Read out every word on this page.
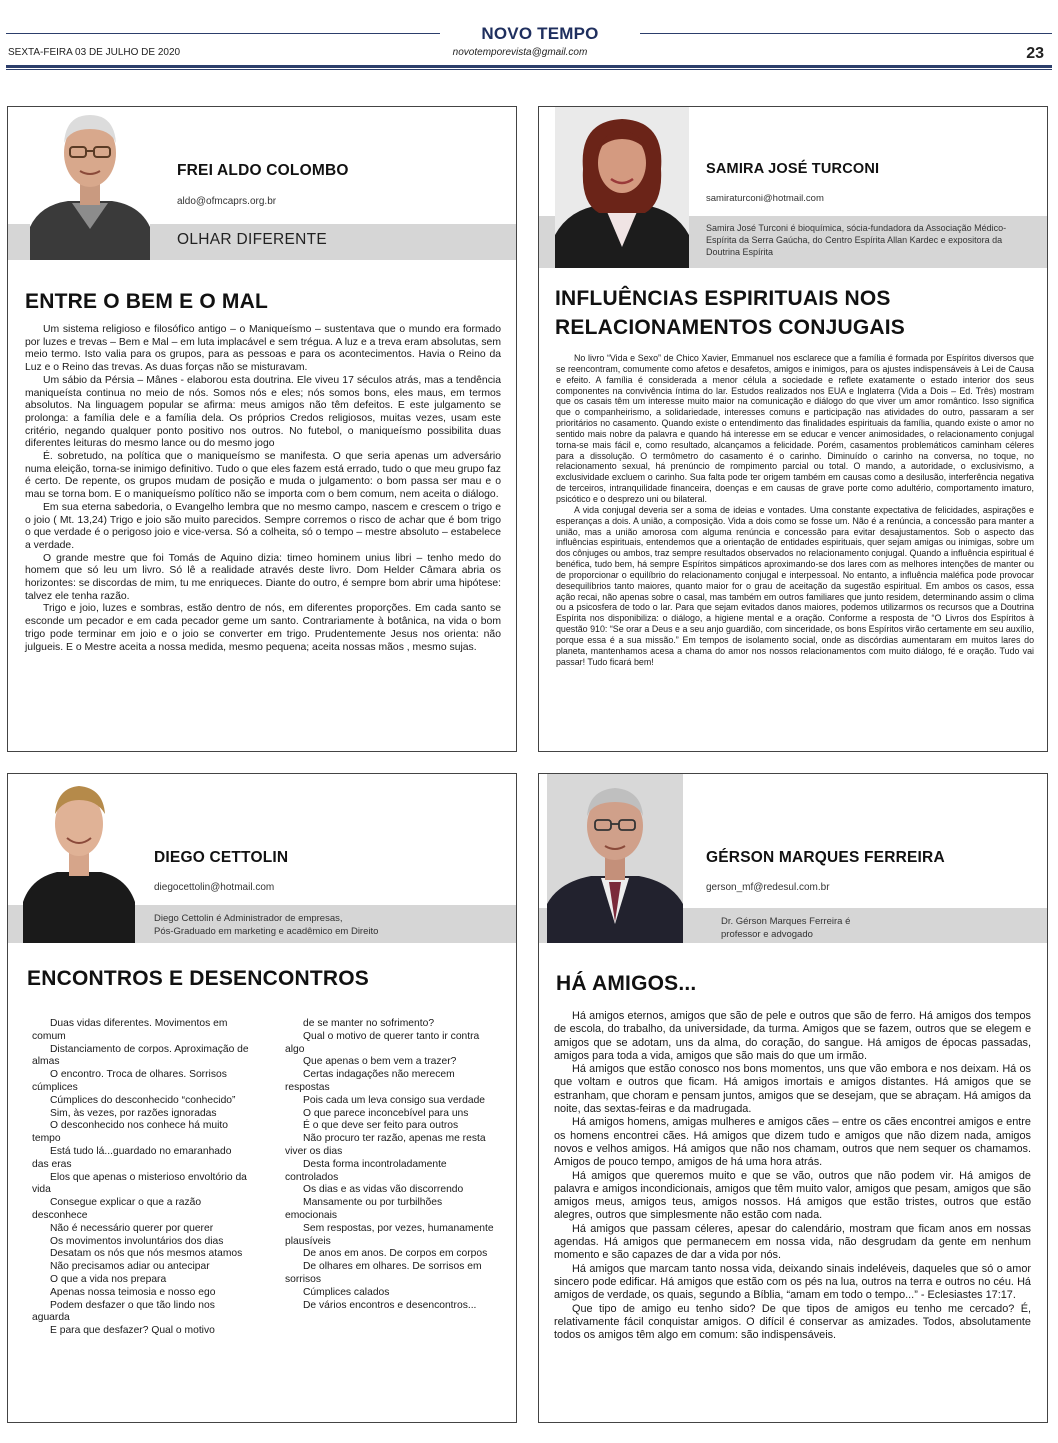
NOVO TEMPO
SEXTA-FEIRA 03 DE JULHO DE 2020	novotemporevista@gmail.com	23
FREI ALDO COLOMBO
aldo@ofmcaprs.org.br
OLHAR DIFERENTE
ENTRE O BEM E O MAL

Um sistema religioso e filosófico antigo – o Maniqueísmo – sustentava que o mundo era formado por luzes e trevas – Bem e Mal – em luta implacável e sem trégua. A luz e a treva eram absolutas, sem meio termo. Isto valia para os grupos, para as pessoas e para os acontecimentos. Havia o Reino da Luz e o Reino das trevas. As duas forças não se misturavam.

Um sábio da Pérsia – Mânes - elaborou esta doutrina. Ele viveu 17 séculos atrás, mas a tendência maniqueísta continua no meio de nós. Somos nós e eles; nós somos bons, eles maus, em termos absolutos. Na linguagem popular se afirma: meus amigos não têm defeitos. E este julgamento se prolonga: a família dele e a família dela. Os próprios Credos religiosos, muitas vezes, usam este critério, negando qualquer ponto positivo nos outros. No futebol, o maniqueísmo possibilita duas diferentes leituras do mesmo lance ou do mesmo jogo

É. sobretudo, na política que o maniqueísmo se manifesta. O que seria apenas um adversário numa eleição, torna-se inimigo definitivo. Tudo o que eles fazem está errado, tudo o que meu grupo faz é certo. De repente, os grupos mudam de posição e muda o julgamento: o bom passa ser mau e o mau se torna bom. E o maniqueísmo político não se importa com o bem comum, nem aceita o diálogo.

Em sua eterna sabedoria, o Evangelho lembra que no mesmo campo, nascem e crescem o trigo e o joio ( Mt. 13,24) Trigo e joio são muito parecidos. Sempre corremos o risco de achar que é bom trigo o que verdade é o perigoso joio e vice-versa. Só a colheita, só o tempo – mestre absoluto – estabelece a verdade.

O grande mestre que foi Tomás de Aquino dizia: timeo hominem unius libri – tenho medo do homem que só leu um livro. Só lê a realidade através deste livro. Dom Helder Câmara abria os horizontes: se discordas de mim, tu me enriqueces. Diante do outro, é sempre bom abrir uma hipótese: talvez ele tenha razão.

Trigo e joio, luzes e sombras, estão dentro de nós, em diferentes proporções. Em cada santo se esconde um pecador e em cada pecador geme um santo. Contrariamente à botânica, na vida o bom trigo pode terminar em joio e o joio se converter em trigo. Prudentemente Jesus nos orienta: não julgueis. E o Mestre aceita a nossa medida, mesmo pequena; aceita nossas mãos , mesmo sujas.

SAMIRA JOSÉ TURCONI
samiraturconi@hotmail.com
Samira José Turconi é bioquímica, sócia-fundadora da Associação Médico-Espírita da Serra Gaúcha, do Centro Espírita Allan Kardec e expositora da Doutrina Espírita
INFLUÊNCIAS ESPIRITUAIS NOS
RELACIONAMENTOS CONJUGAIS

No livro “Vida e Sexo” de Chico Xavier, Emmanuel nos esclarece que a família é formada por Espíritos diversos que se reencontram, comumente como afetos e desafetos, amigos e inimigos, para os ajustes indispensáveis à Lei de Causa e efeito. A família é considerada a menor célula a sociedade e reflete exatamente o estado interior dos seus componentes na convivência íntima do lar. Estudos realizados nos EUA e Inglaterra (Vida a Dois – Ed. Três) mostram que os casais têm um interesse muito maior na comunicação e diálogo do que viver um amor romântico. Isso significa que o companheirismo, a solidariedade, interesses comuns e participação nas atividades do outro, passaram a ser prioritários no casamento. Quando existe o entendimento das finalidades espirituais da família, quando existe o amor no sentido mais nobre da palavra e quando há interesse em se educar e vencer animosidades, o relacionamento conjugal torna-se mais fácil e, como resultado, alcançamos a felicidade. Porém, casamentos problemáticos caminham céleres para a dissolução. O termômetro do casamento é o carinho. Diminuído o carinho na conversa, no toque, no relacionamento sexual, há prenúncio de rompimento parcial ou total. O mando, a autoridade, o exclusivismo, a exclusividade excluem o carinho. Sua falta pode ter origem também em causas como a desilusão, interferência negativa de terceiros, intranquilidade financeira, doenças e em causas de grave porte como adultério, comportamento imaturo, psicótico e o desprezo uni ou bilateral.

A vida conjugal deveria ser a soma de ideias e vontades. Uma constante expectativa de felicidades, aspirações e esperanças a dois. A união, a composição. Vida a dois como se fosse um. Não é a renúncia, a concessão para manter a união, mas a união amorosa com alguma renúncia e concessão para evitar desajustamentos. Sob o aspecto das influências espirituais, entendemos que a orientação de entidades espirituais, quer sejam amigas ou inimigas, sobre um dos cônjuges ou ambos, traz sempre resultados observados no relacionamento conjugal. Quando a influência espiritual é benéfica, tudo bem, há sempre Espíritos simpáticos aproximando-se dos lares com as melhores intenções de manter ou de proporcionar o equilíbrio do relacionamento conjugal e interpessoal. No entanto, a influência maléfica pode provocar desequilíbrios tanto maiores, quanto maior for o grau de aceitação da sugestão espiritual. Em ambos os casos, essa ação recai, não apenas sobre o casal, mas também em outros familiares que junto residem, determinando assim o clima ou a psicosfera de todo o lar. Para que sejam evitados danos maiores, podemos utilizarmos os recursos que a Doutrina Espírita nos disponibiliza: o diálogo, a higiene mental e a oração. Conforme a resposta de “O Livros dos Espíritos à questão 910: “Se orar a Deus e a seu anjo guardião, com sinceridade, os bons Espíritos virão certamente em seu auxílio, porque essa é a sua missão.” Em tempos de isolamento social, onde as discórdias aumentaram em muitos lares do planeta, mantenhamos acesa a chama do amor nos nossos relacionamentos com muito diálogo, fé e oração. Tudo vai passar! Tudo ficará bem!

DIEGO CETTOLIN
diegocettolin@hotmail.com
Diego Cettolin é Administrador de empresas,
Pós-Graduado em marketing e acadêmico em Direito
ENCONTROS E DESENCONTROS

Duas vidas diferentes. Movimentos em comum

Distanciamento de corpos. Aproximação de almas

O encontro. Troca de olhares. Sorrisos cúmplices

Cúmplices do desconhecido “conhecido”

Sim, às vezes, por razões ignoradas

O desconhecido nos conhece há muito tempo

Está tudo lá...guardado no emaranhado das eras

Elos que apenas o misterioso envoltório da vida

Consegue explicar o que a razão desconhece

Não é necessário querer por querer

Os movimentos involuntários dos dias

Desatam os nós que nós mesmos atamos

Não precisamos adiar ou antecipar

O que a vida nos prepara

Apenas nossa teimosia e nosso ego

Podem desfazer o que tão lindo nos aguarda

E para que desfazer? Qual o motivo

de se manter no sofrimento?

Qual o motivo de querer tanto ir contra algo

Que apenas o bem vem a trazer?

Certas indagações não merecem respostas

Pois cada um leva consigo sua verdade

O que parece inconcebível para uns

É o que deve ser feito para outros

Não procuro ter razão, apenas me resta viver os dias

Desta forma incontroladamente controlados

Os dias e as vidas vão discorrendo

Mansamente ou por turbilhões emocionais

Sem respostas, por vezes, humanamente plausíveis

De anos em anos. De corpos em corpos

De olhares em olhares. De sorrisos em sorrisos

Cúmplices calados

De vários encontros e desencontros...

GÉRSON MARQUES FERREIRA
gerson_mf@redesul.com.br
Dr. Gérson Marques Ferreira é
professor e advogado
HÁ AMIGOS...

Há amigos eternos, amigos que são de pele e outros que são de ferro. Há amigos dos tempos de escola, do trabalho, da universidade, da turma. Amigos que se fazem, outros que se elegem e amigos que se adotam, uns da alma, do coração, do sangue. Há amigos de épocas passadas, amigos para toda a vida, amigos que são mais do que um irmão.

Há amigos que estão conosco nos bons momentos, uns que vão embora e nos deixam. Há os que voltam e outros que ficam. Há amigos imortais e amigos distantes. Há amigos que se estranham, que choram e pensam juntos, amigos que se desejam, que se abraçam. Há amigos da noite, das sextas-feiras e da madrugada.

Há amigos homens, amigas mulheres e amigos cães – entre os cães encontrei amigos e entre os homens encontrei cães. Há amigos que dizem tudo e amigos que não dizem nada, amigos novos e velhos amigos. Há amigos que não nos chamam, outros que nem sequer os chamamos. Amigos de pouco tempo, amigos de há uma hora atrás.

Há amigos que queremos muito e que se vão, outros que não podem vir. Há amigos de palavra e amigos incondicionais, amigos que têm muito valor, amigos que pesam, amigos que são amigos meus, amigos teus, amigos nossos. Há amigos que estão tristes, outros que estão alegres, outros que simplesmente não estão com nada.

Há amigos que passam céleres, apesar do calendário, mostram que ficam anos em nossas agendas. Há amigos que permanecem em nossa vida, não desgrudam da gente em nenhum momento e são capazes de dar a vida por nós.

Há amigos que marcam tanto nossa vida, deixando sinais indeléveis, daqueles que só o amor sincero pode edificar. Há amigos que estão com os pés na lua, outros na terra e outros no céu. Há amigos de verdade, os quais, segundo a Bíblia, “amam em todo o tempo...” - Eclesiastes 17:17.

Que tipo de amigo eu tenho sido? De que tipos de amigos eu tenho me cercado? É, relativamente fácil conquistar amigos. O difícil é conservar as amizades. Todos, absolutamente todos os amigos têm algo em comum: são indispensáveis.
